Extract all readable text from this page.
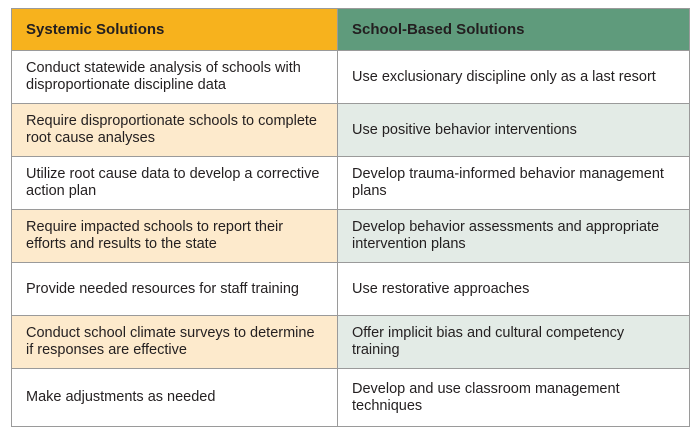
Systemic Solutions	School-Based Solutions
Conduct statewide analysis of schools with disproportionate discipline data	Use exclusionary discipline only as a last resort
Require disproportionate schools to complete root cause analyses	Use positive behavior interventions
Utilize root cause data to develop a corrective action plan	Develop trauma-informed behavior management plans
Require impacted schools to report their efforts and results to the state	Develop behavior assessments and appropriate intervention plans
Provide needed resources for staff training	Use restorative approaches
Conduct school climate surveys to determine if responses are effective	Offer implicit bias and cultural competency training
Make adjustments as needed	Develop and use classroom management techniques
